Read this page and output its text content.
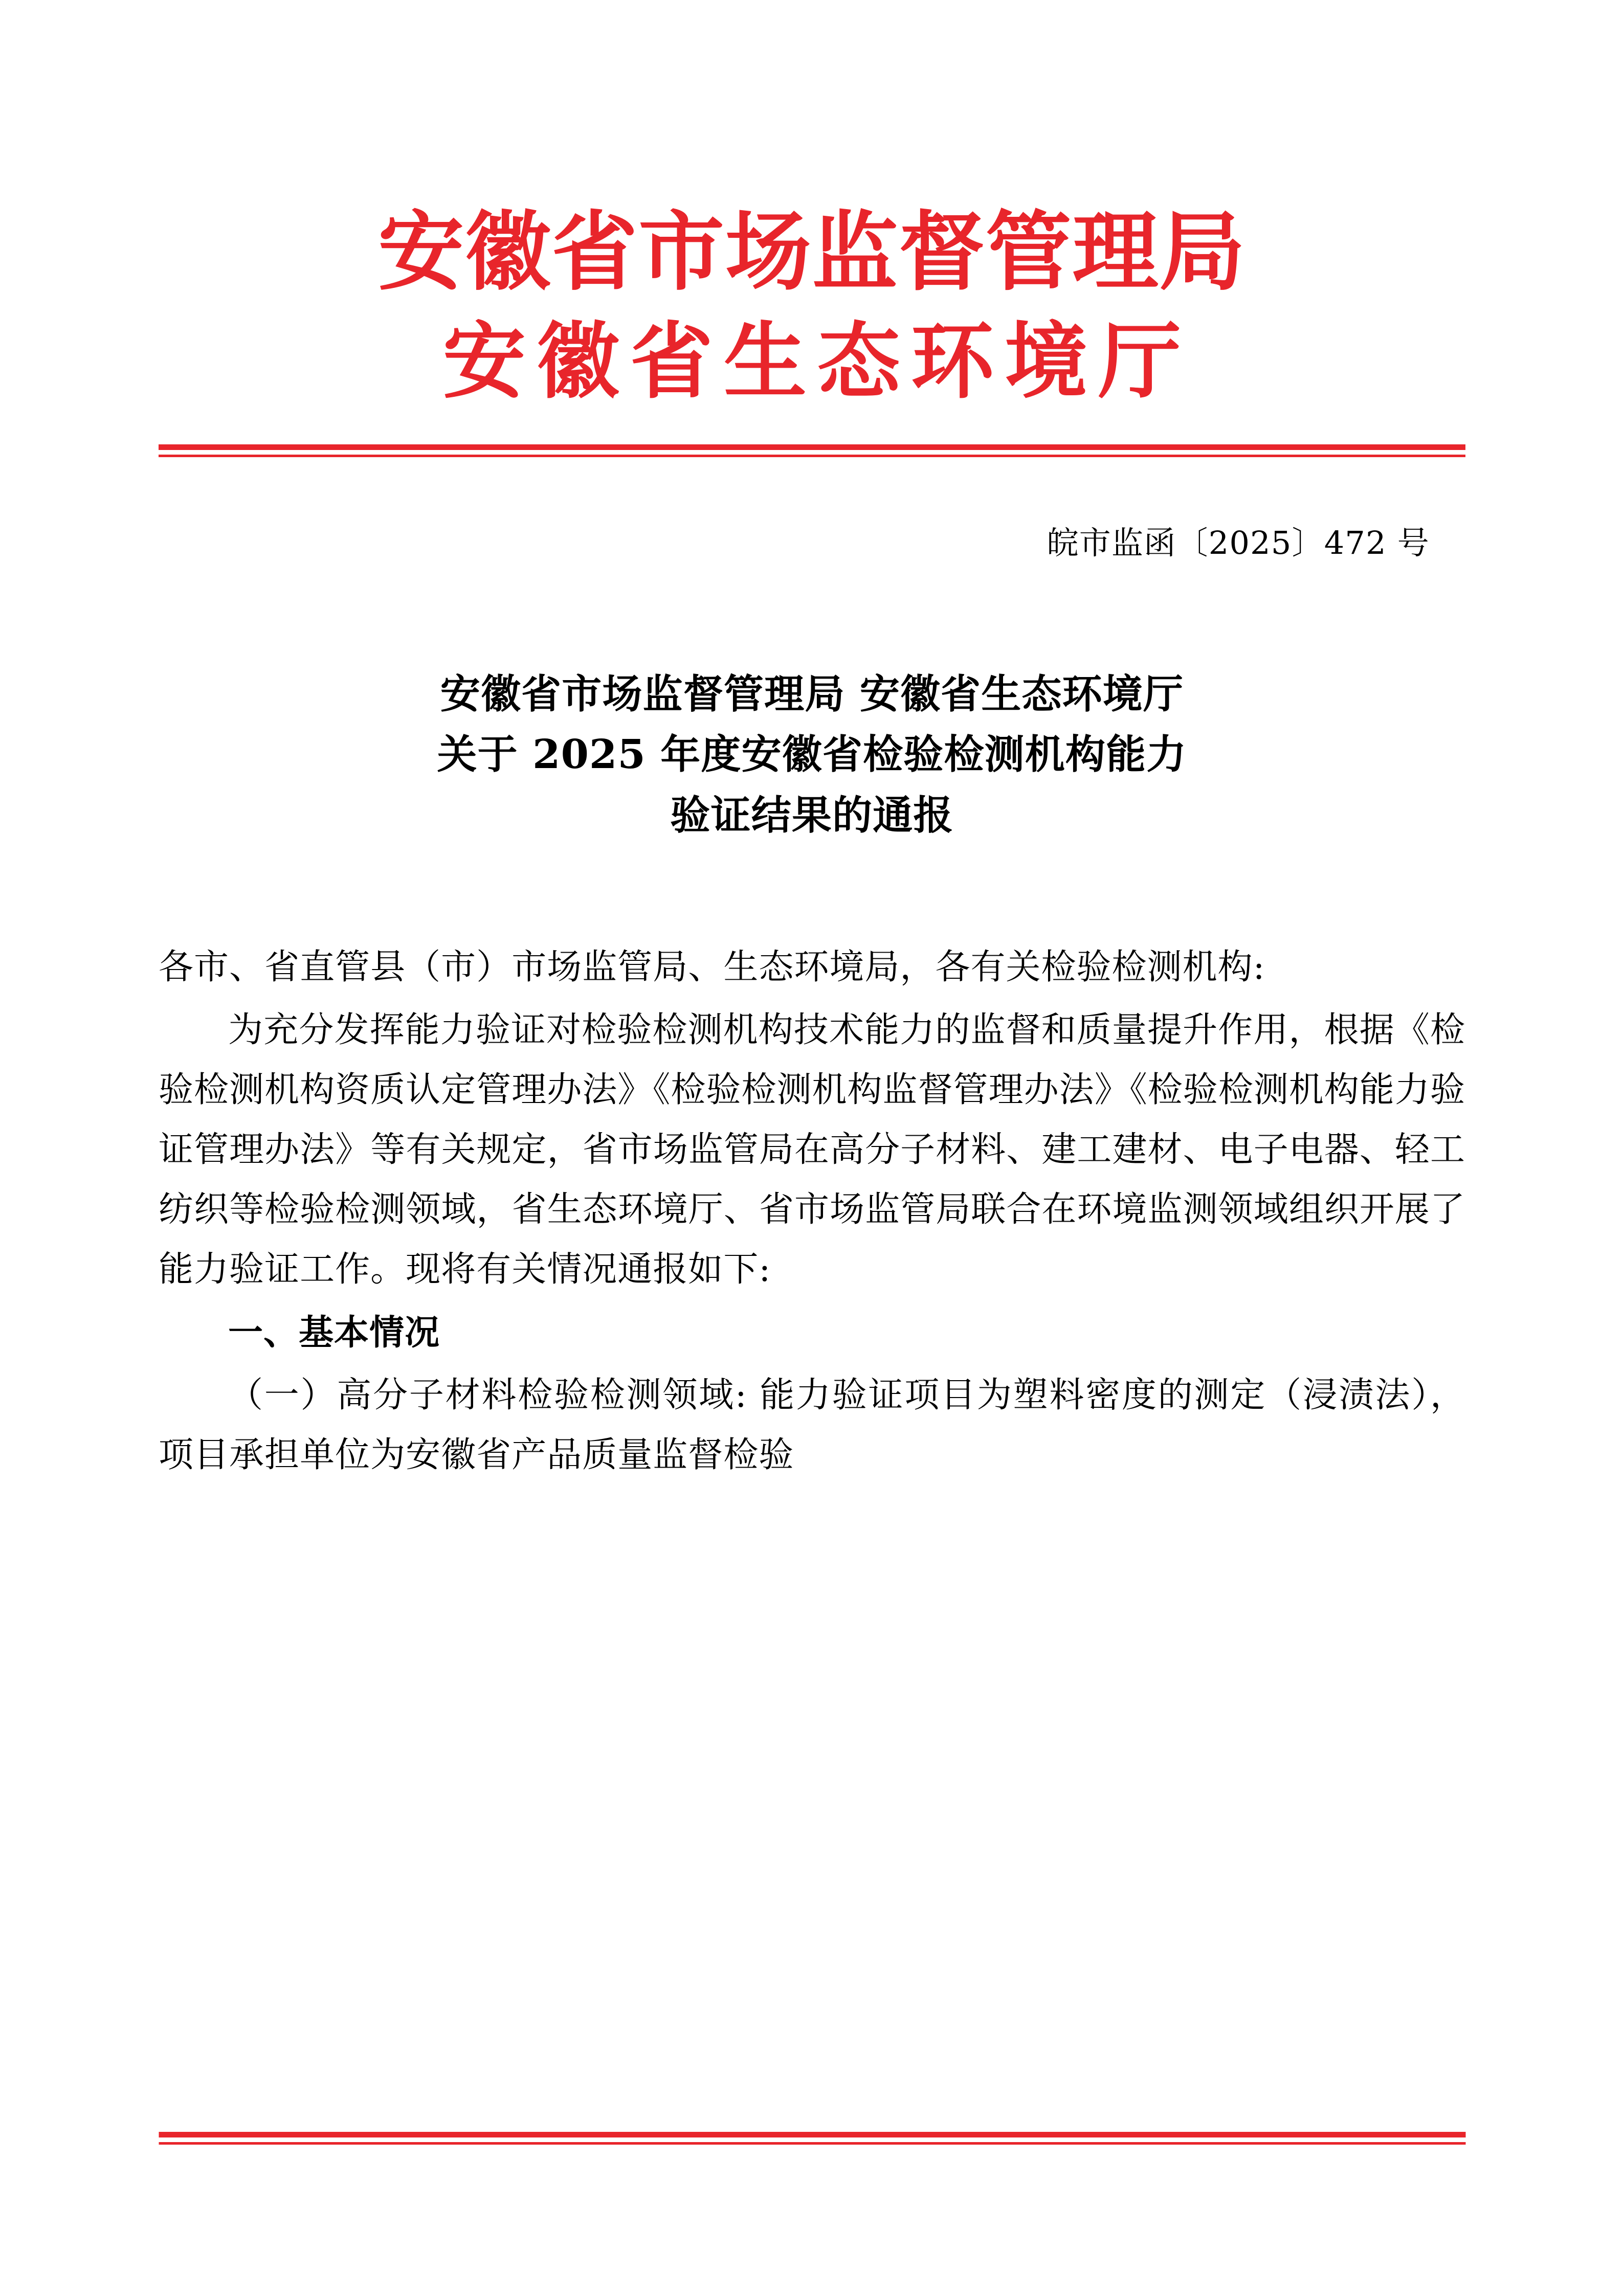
安徽省市场监督管理局
安徽省生态环境厅
皖市监函〔2025〕472 号
安徽省市场监督管理局 安徽省生态环境厅
关于 2025 年度安徽省检验检测机构能力
验证结果的通报

各市、省直管县（市）市场监管局、生态环境局，各有关检验检测机构:

为充分发挥能力验证对检验检测机构技术能力的监督和质量提升作用，根据《检验检测机构资质认定管理办法》《检验检测机构监督管理办法》《检验检测机构能力验证管理办法》等有关规定，省市场监管局在高分子材料、建工建材、电子电器、轻工纺织等检验检测领域，省生态环境厅、省市场监管局联合在环境监测领域组织开展了能力验证工作。现将有关情况通报如下:

一、基本情况

（一）高分子材料检验检测领域: 能力验证项目为塑料密度的测定（浸渍法），项目承担单位为安徽省产品质量监督检验
